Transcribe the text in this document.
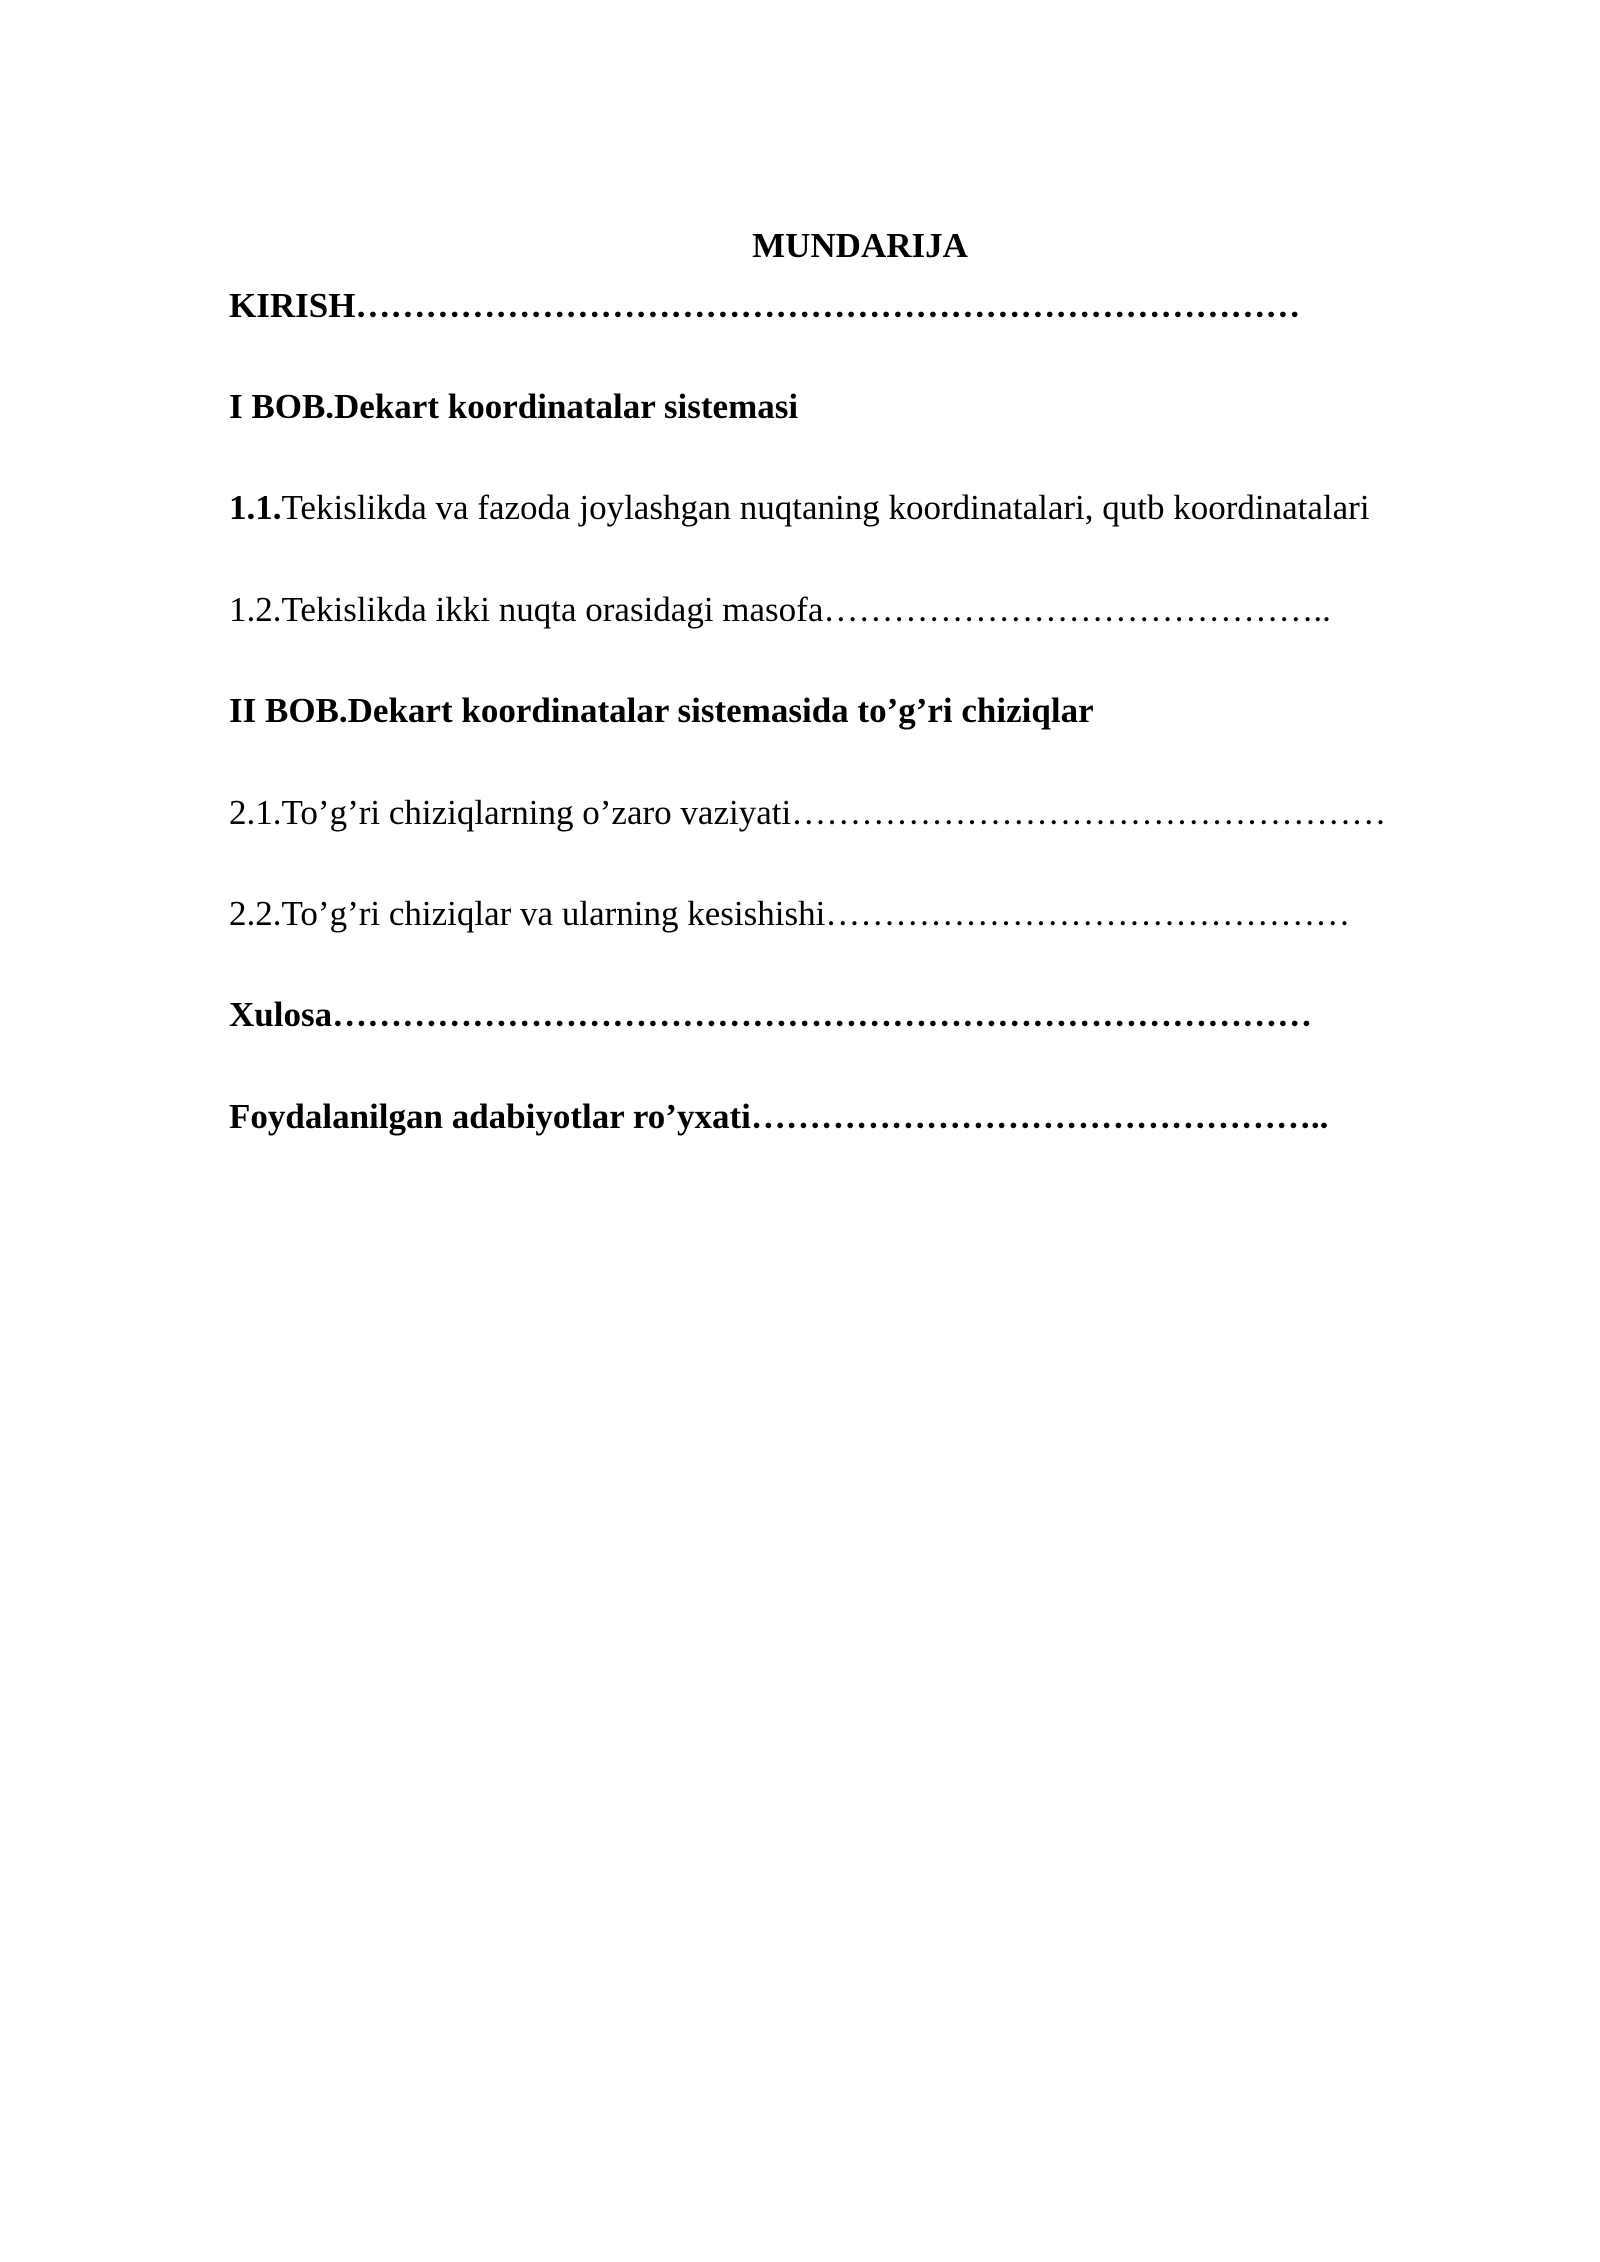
MUNDARIJA
KIRISH………………………………………………………………………
I BOB.Dekart koordinatalar sistemasi
1.1.Tekislikda va fazoda joylashgan nuqtaning koordinatalari, qutb koordinatalari
1.2.Tekislikda ikki nuqta orasidagi masofa……………………………………..
II BOB.Dekart koordinatalar sistemasida to’g’ri chiziqlar
2.1.To’g’ri chiziqlarning o’zaro vaziyati……………………………………………
2.2.To’g’ri chiziqlar va ularning kesishishi………………………………………
Xulosa…………………………………………………………………………
Foydalanilgan adabiyotlar ro’yxati…………………………………………..
